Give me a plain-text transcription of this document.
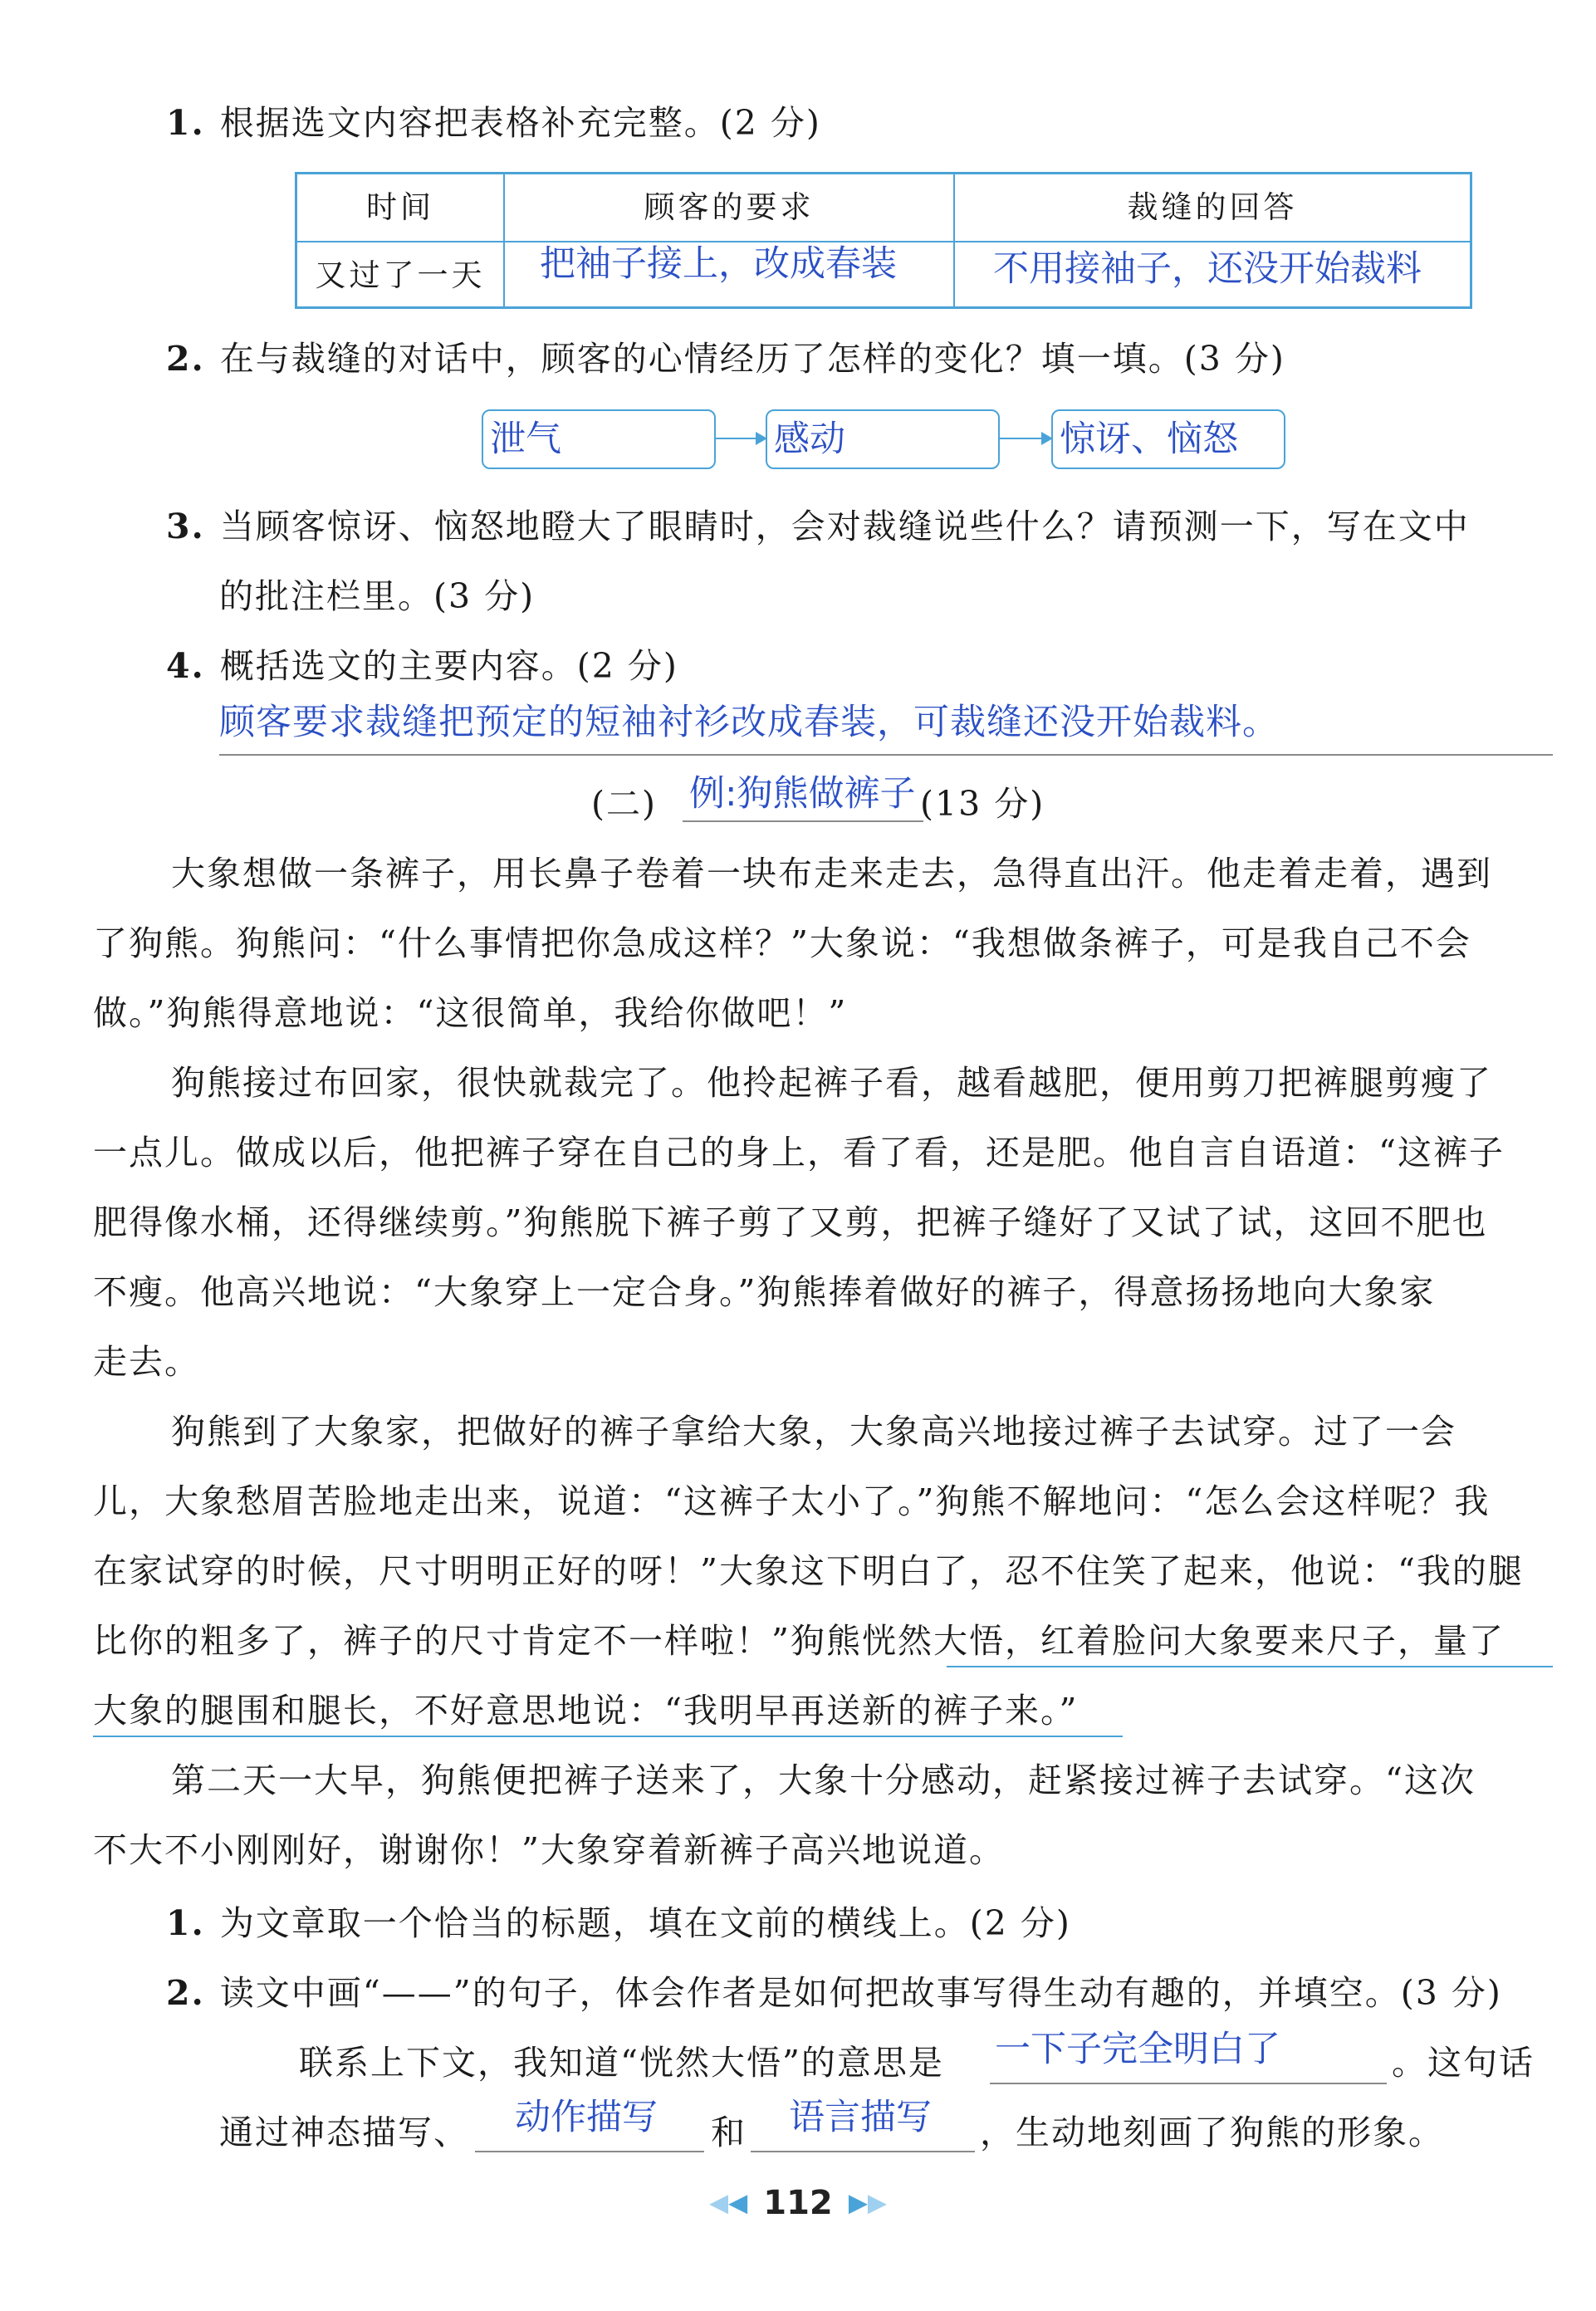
1. 根据选文内容把表格补充完整。(2 分)
时间	顾客的要求	裁缝的回答
又过了一天	把袖子接上，改成春装	不用接袖子，还没开始裁料
2. 在与裁缝的对话中，顾客的心情经历了怎样的变化？填一填。(3 分)
泄气	感动	惊讶、恼怒
3. 当顾客惊讶、恼怒地瞪大了眼睛时，会对裁缝说些什么？请预测一下，写在文中
的批注栏里。(3 分)
4. 概括选文的主要内容。(2 分)
顾客要求裁缝把预定的短袖衬衫改成春装，可裁缝还没开始裁料。
(二) 例:狗熊做裤子 (13 分)
大象想做一条裤子，用长鼻子卷着一块布走来走去，急得直出汗。他走着走着，遇到
了狗熊。狗熊问：“什么事情把你急成这样？”大象说：“我想做条裤子，可是我自己不会
做。”狗熊得意地说：“这很简单，我给你做吧！”
狗熊接过布回家，很快就裁完了。他拎起裤子看，越看越肥，便用剪刀把裤腿剪瘦了
一点儿。做成以后，他把裤子穿在自己的身上，看了看，还是肥。他自言自语道：“这裤子
肥得像水桶，还得继续剪。”狗熊脱下裤子剪了又剪，把裤子缝好了又试了试，这回不肥也
不瘦。他高兴地说：“大象穿上一定合身。”狗熊捧着做好的裤子，得意扬扬地向大象家
走去。
狗熊到了大象家，把做好的裤子拿给大象，大象高兴地接过裤子去试穿。过了一会
儿，大象愁眉苦脸地走出来，说道：“这裤子太小了。”狗熊不解地问：“怎么会这样呢？我
在家试穿的时候，尺寸明明正好的呀！”大象这下明白了，忍不住笑了起来，他说：“我的腿
比你的粗多了，裤子的尺寸肯定不一样啦！”狗熊恍然大悟，红着脸问大象要来尺子，量了
大象的腿围和腿长，不好意思地说：“我明早再送新的裤子来。”
第二天一大早，狗熊便把裤子送来了，大象十分感动，赶紧接过裤子去试穿。“这次
不大不小刚刚好，谢谢你！”大象穿着新裤子高兴地说道。
1. 为文章取一个恰当的标题，填在文前的横线上。(2 分)
2. 读文中画“——”的句子，体会作者是如何把故事写得生动有趣的，并填空。(3 分)
联系上下文，我知道“恍然大悟”的意思是 一下子完全明白了	。这句话
通过神态描写、 动作描写 和 语言描写 ，生动地刻画了狗熊的形象。
◀◀ 112 ▶▶
